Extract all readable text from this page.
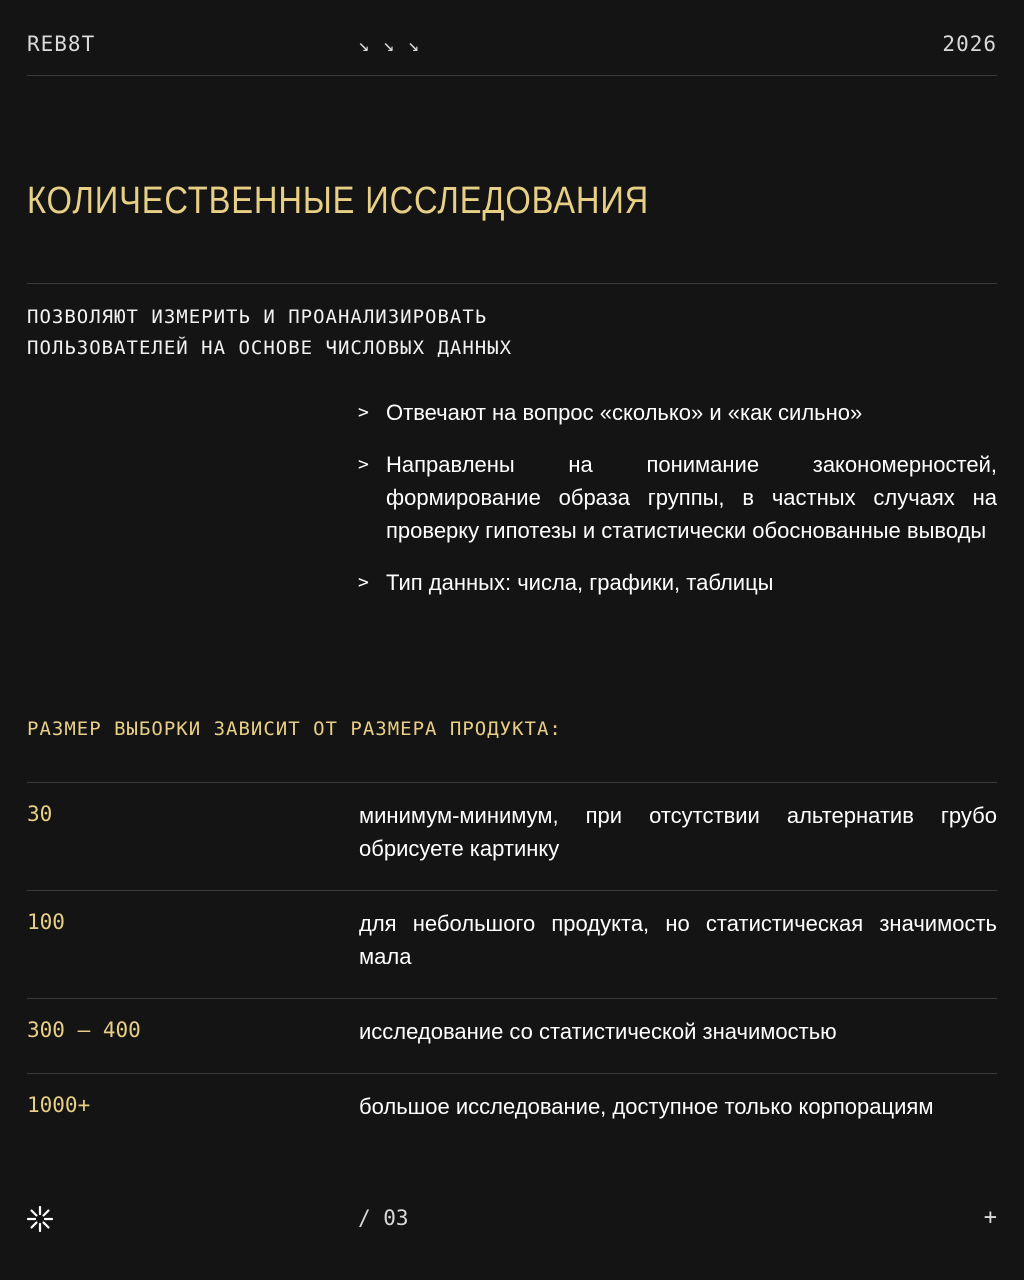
REB8T	↘ ↘ ↘	2026
КОЛИЧЕСТВЕННЫЕ ИССЛЕДОВАНИЯ
ПОЗВОЛЯЮТ ИЗМЕРИТЬ И ПРОАНАЛИЗИРОВАТЬ
ПОЛЬЗОВАТЕЛЕЙ НА ОСНОВЕ ЧИСЛОВЫХ ДАННЫХ
> Отвечают на вопрос «сколько» и «как сильно»
> Направлены на понимание закономерностей, формирование образа группы, в частных случаях на проверку гипотезы и статистически обоснованные выводы
> Тип данных: числа, графики, таблицы
РАЗМЕР ВЫБОРКИ ЗАВИСИТ ОТ РАЗМЕРА ПРОДУКТА:
30	минимум-минимум, при отсутствии альтернатив грубо обрисуете картинку
100	для небольшого продукта, но статистическая значимость мала
300 – 400	исследование со статистической значимостью
1000+	большое исследование, доступное только корпорациям
/ 03	+
